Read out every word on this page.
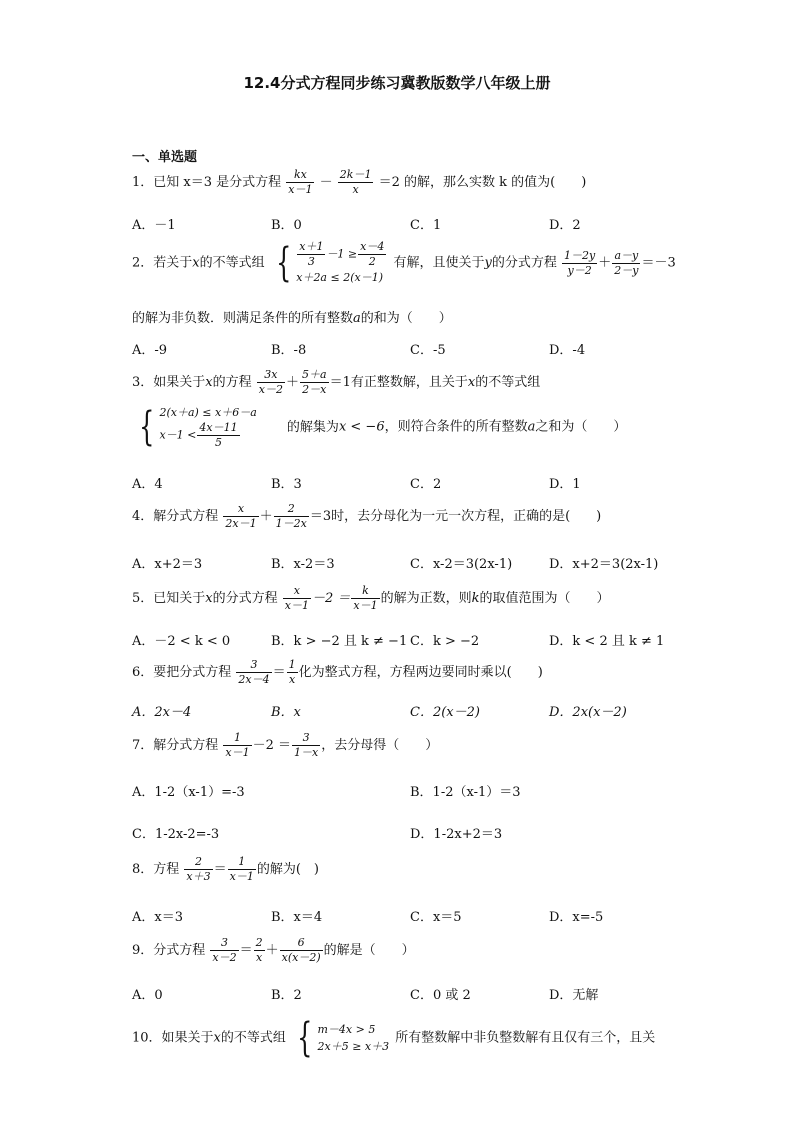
12.4分式方程同步练习冀教版数学八年级上册
一、单选题
1．已知 x＝3 是分式方程 $\frac{kx}{x-1} - \frac{2k-1}{x} =2$ 的解，那么实数 k 的值为(　　)
A．－1	B．0	C．1	D．2
2．若关于x的不等式组 { $\frac{x+1}{3} -1 \ge \frac{x-4}{2}$
x＋2a ≤ 2(x－1)
有解，且使关于y的分式方程 $\frac{1-2y}{y-2} + \frac{a-y}{2-y} =-3$
的解为非负数．则满足条件的所有整数a的和为（　　）
A．-9	B．-8	C．-5	D．-4
3．如果关于x的方程 $\frac{3x}{x-2} + \frac{5+a}{2-x} =1$有正整数解，且关于x的不等式组
{ 2(x＋a) ≤ x＋6－a
$x-1 < \frac{4x-11}{5}$	的解集为x < −6，则符合条件的所有整数a之和为（　　）
A．4	B．3	C．2	D．1
4．解分式方程 $\frac{x}{2x-1} + \frac{2}{1-2x} =3$时，去分母化为一元一次方程，正确的是(　　)
A．x+2＝3	B．x-2＝3	C．x-2＝3(2x-1)	D．x+2＝3(2x-1)
5．已知关于x的分式方程 $\frac{x}{x-1} -2 = \frac{k}{x-1}$ 的解为正数，则k的取值范围为（　　）
A．－2 < k < 0	B．k > −2 且 k ≠ −1 C．k > −2	D．k < 2 且 k ≠ 1
6．要把分式方程 $\frac{3}{2x-4} = \frac{1}{x}$ 化为整式方程，方程两边要同时乘以(　　)
A．2x－4	B．x	C．2(x－2)	D．2x(x－2)
7．解分式方程 $\frac{1}{x-1} -2 = \frac{3}{1-x}$ ，去分母得（　　）
A．1-2（x-1）=-3	B．1-2（x-1）＝3
C．1-2x-2=-3	D．1-2x+2＝3
8．方程 $\frac{2}{x+3} = \frac{1}{x-1}$ 的解为(　)
A．x＝3	B．x＝4	C．x＝5	D．x=-5
9．分式方程 $\frac{3}{x-2} = \frac{2}{x} + \frac{6}{x(x-2)}$ 的解是（　　）
A．0	B．2	C．0 或 2	D．无解
10．如果关于x的不等式组 { m－4x > 5
2x＋5 ≥ x＋3
所有整数解中非负整数解有且仅有三个，且关
